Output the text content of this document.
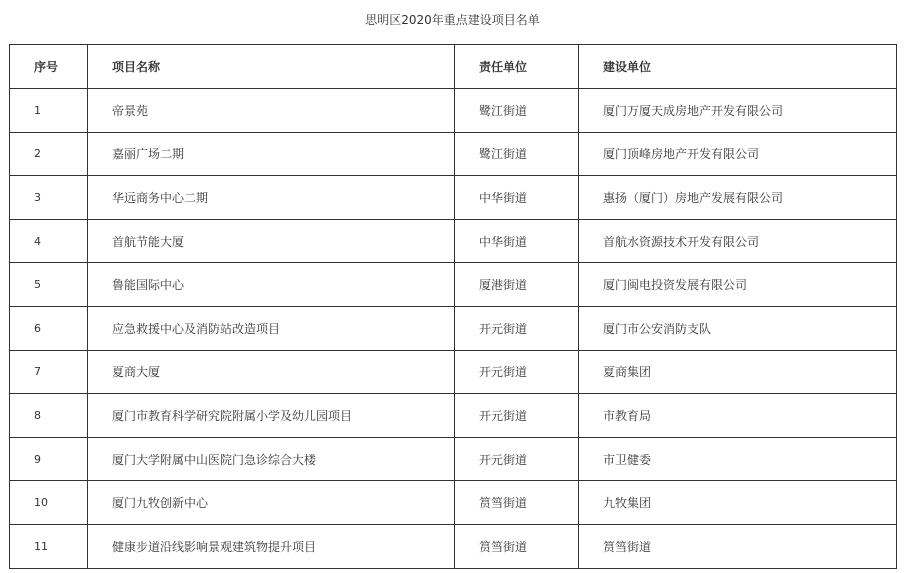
思明区2020年重点建设项目名单
序号	项目名称	责任单位	建设单位
1	帝景苑	鹭江街道	厦门万厦天成房地产开发有限公司
2	嘉丽广场二期	鹭江街道	厦门顶峰房地产开发有限公司
3	华远商务中心二期	中华街道	惠扬（厦门）房地产发展有限公司
4	首航节能大厦	中华街道	首航水资源技术开发有限公司
5	鲁能国际中心	厦港街道	厦门闽电投资发展有限公司
6	应急救援中心及消防站改造项目	开元街道	厦门市公安消防支队
7	夏商大厦	开元街道	夏商集团
8	厦门市教育科学研究院附属小学及幼儿园项目	开元街道	市教育局
9	厦门大学附属中山医院门急诊综合大楼	开元街道	市卫健委
10	厦门九牧创新中心	筼筜街道	九牧集团
11	健康步道沿线影响景观建筑物提升项目	筼筜街道	筼筜街道
